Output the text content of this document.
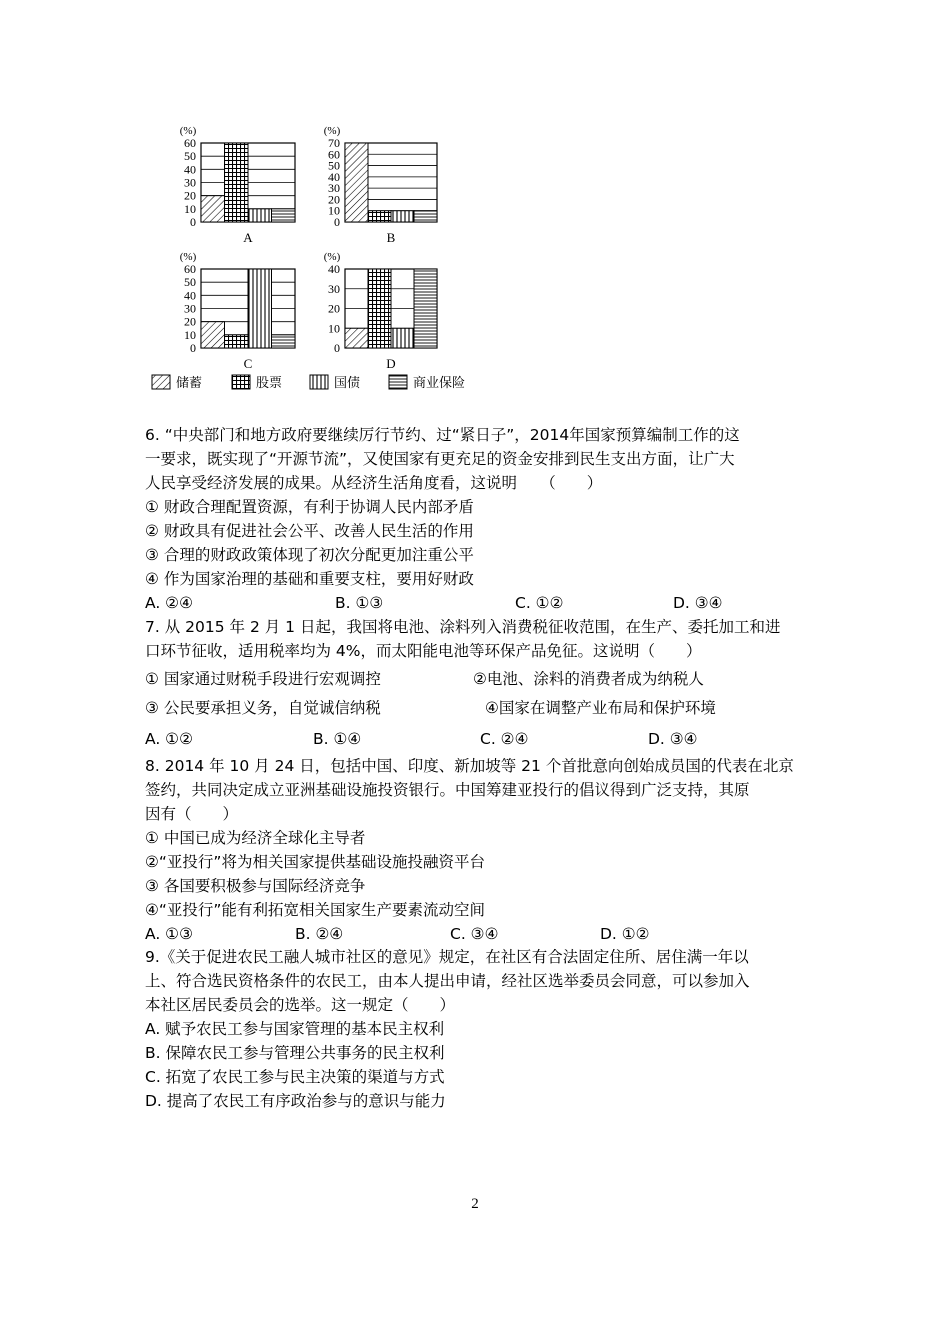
0
10
20
30
40
50
60
(%)
A
0
10
20
30
40
50
60
70
(%)
B
0
10
20
30
40
50
60
(%)
C
0
10
20
30
40
(%)
D
储蓄	股票	国债	商业保险
6. “中央部门和地方政府要继续厉行节约、过“紧日子”，2014年国家预算编制工作的这
一要求，既实现了“开源节流”，又使国家有更充足的资金安排到民生支出方面，让广大
人民享受经济发展的成果。从经济生活角度看，这说明　　（　　）
① 财政合理配置资源，有利于协调人民内部矛盾
② 财政具有促进社会公平、改善人民生活的作用
③ 合理的财政政策体现了初次分配更加注重公平
④ 作为国家治理的基础和重要支柱，要用好财政
A. ②④	B. ①③	C. ①②	D. ③④
7. 从 2015 年 2 月 1 日起，我国将电池、涂料列入消费税征收范围，在生产、委托加工和进
口环节征收，适用税率均为 4%，而太阳能电池等环保产品免征。这说明（　　）
① 国家通过财税手段进行宏观调控	②电池、涂料的消费者成为纳税人
③ 公民要承担义务，自觉诚信纳税	④国家在调整产业布局和保护环境
A. ①②	B. ①④	C. ②④	D. ③④
8. 2014 年 10 月 24 日，包括中国、印度、新加坡等 21 个首批意向创始成员国的代表在北京
签约，共同决定成立亚洲基础设施投资银行。中国筹建亚投行的倡议得到广泛支持，其原
因有（　　）
① 中国已成为经济全球化主导者
②“亚投行”将为相关国家提供基础设施投融资平台
③ 各国要积极参与国际经济竞争
④“亚投行”能有利拓宽相关国家生产要素流动空间
A. ①③	B. ②④	C. ③④	D. ①②
9.《关于促进农民工融人城市社区的意见》规定，在社区有合法固定住所、居住满一年以
上、符合选民资格条件的农民工，由本人提出申请，经社区选举委员会同意，可以参加入
本社区居民委员会的选举。这一规定（　　）
A. 赋予农民工参与国家管理的基本民主权利
B. 保障农民工参与管理公共事务的民主权利
C. 拓宽了农民工参与民主决策的渠道与方式
D. 提高了农民工有序政治参与的意识与能力
2
